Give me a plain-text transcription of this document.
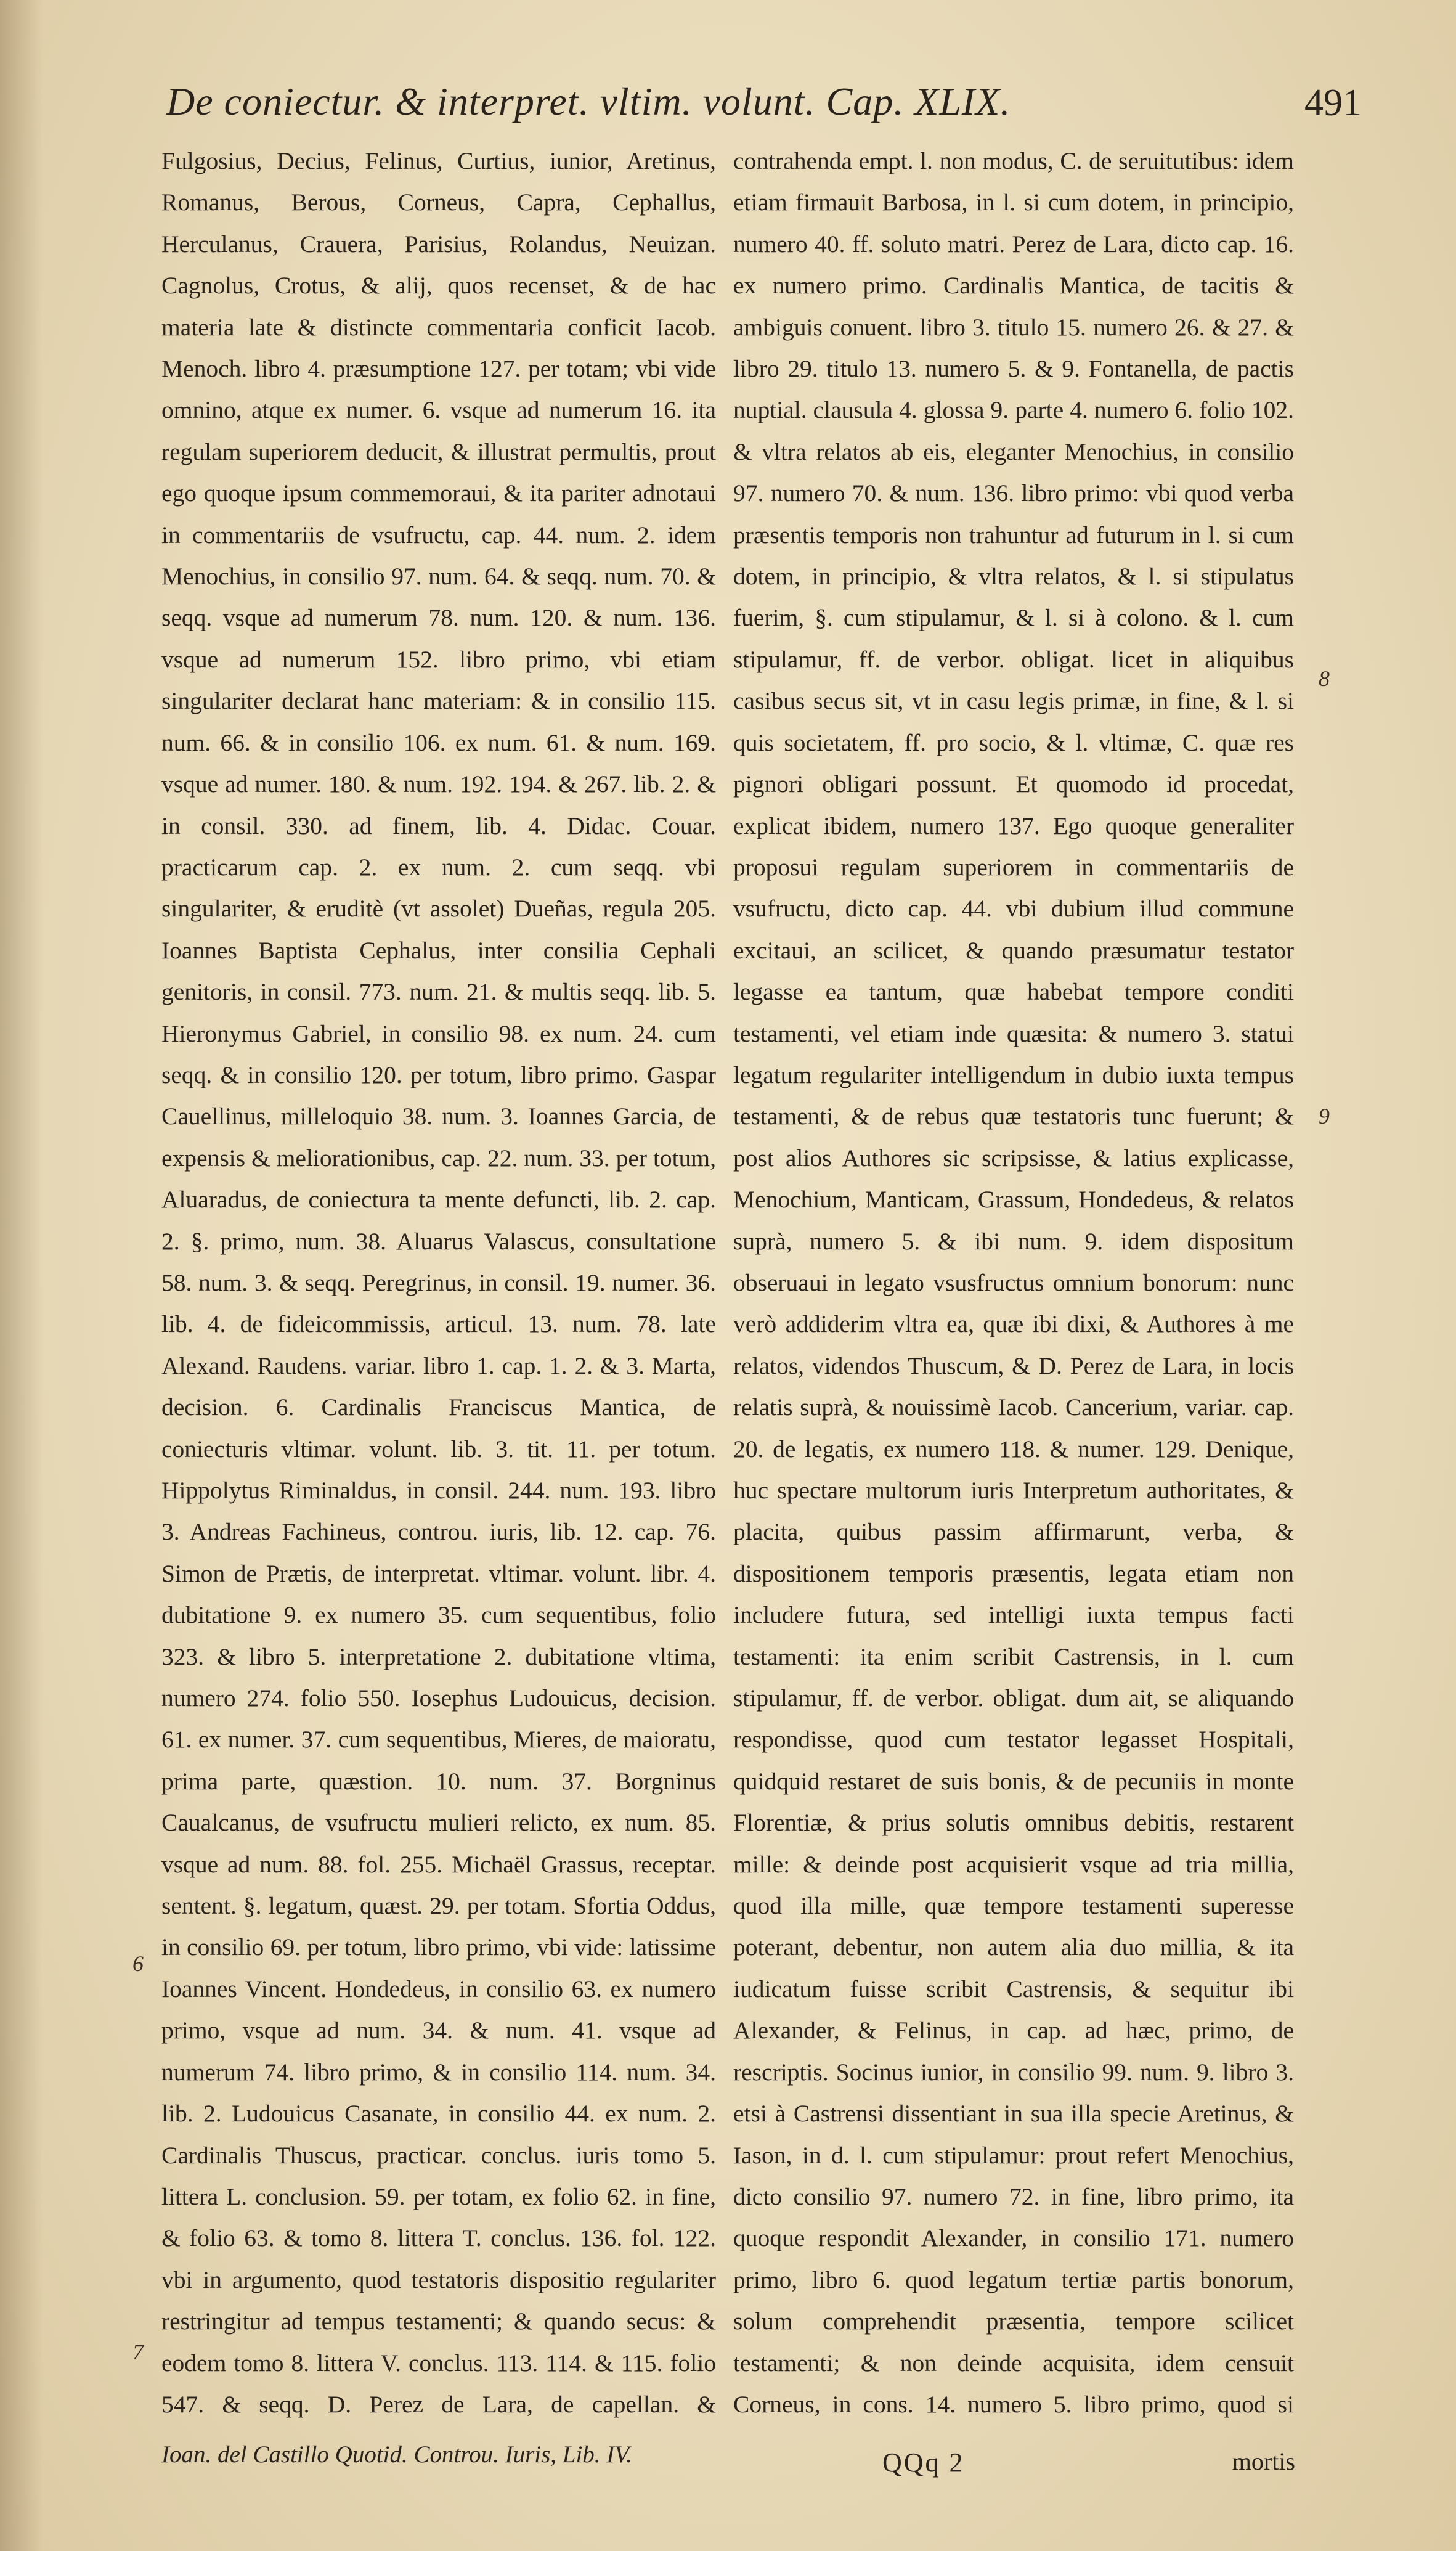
De coniectur. & interpret. vltim. volunt. Cap. XLIX.	491

Fulgosius, Decius, Felinus, Curtius, iunior, Aretinus, Romanus, Berous, Corneus, Capra, Cephallus, Herculanus, Crauera, Parisius, Rolandus, Neuizan. Cagnolus, Crotus, & alij, quos recenset, & de hac materia late & distincte commentaria conficit Iacob. Menoch. libro 4. præsumptione 127. per totam; vbi vide omnino, atque ex numer. 6. vsque ad numerum 16. ita regulam superiorem deducit, & illustrat permultis, prout ego quoque ipsum commemoraui, & ita pariter adnotaui in commentariis de vsufructu, cap. 44. num. 2. idem Menochius, in consilio 97. num. 64. & seqq. num. 70. & seqq. vsque ad numerum 78. num. 120. & num. 136. vsque ad numerum 152. libro primo, vbi etiam singulariter declarat hanc materiam: & in consilio 115. num. 66. & in consilio 106. ex num. 61. & num. 169. vsque ad numer. 180. & num. 192. 194. & 267. lib. 2. & in consil. 330. ad finem, lib. 4. Didac. Couar. practicarum cap. 2. ex num. 2. cum seqq. vbi singulariter, & eruditè (vt assolet) Dueñas, regula 205. Ioannes Baptista Cephalus, inter consilia Cephali genitoris, in consil. 773. num. 21. & multis seqq. lib. 5. Hieronymus Gabriel, in consilio 98. ex num. 24. cum seqq. & in consilio 120. per totum, libro primo. Gaspar Cauellinus, milleloquio 38. num. 3. Ioannes Garcia, de expensis & meliorationibus, cap. 22. num. 33. per totum, Aluaradus, de coniectura ta mente defuncti, lib. 2. cap. 2. §. primo, num. 38. Aluarus Valascus, consultatione 58. num. 3. & seqq. Peregrinus, in consil. 19. numer. 36. lib. 4. de fideicommissis, articul. 13. num. 78. late Alexand. Raudens. variar. libro 1. cap. 1. 2. & 3. Marta, decision. 6. Cardinalis Franciscus Mantica, de coniecturis vltimar. volunt. lib. 3. tit. 11. per totum. Hippolytus Riminaldus, in consil. 244. num. 193. libro 3. Andreas Fachineus, controu. iuris, lib. 12. cap. 76. Simon de Prætis, de interpretat. vltimar. volunt. libr. 4. dubitatione 9. ex numero 35. cum sequentibus, folio 323. & libro 5. interpretatione 2. dubitatione vltima, numero 274. folio 550. Iosephus Ludouicus, decision. 61. ex numer. 37. cum sequentibus, Mieres, de maioratu, prima parte, quæstion. 10. num. 37. Borgninus Caualcanus, de vsufructu mulieri relicto, ex num. 85. vsque ad num. 88. fol. 255. Michaël Grassus, receptar. sentent. §. legatum, quæst. 29. per totam. Sfortia Oddus, in consilio 69. per totum, libro primo, vbi vide: latissime Ioannes Vincent. Hondedeus, in consilio 63. ex numero primo, vsque ad num. 34. & num. 41. vsque ad numerum 74. libro primo, & in consilio 114. num. 34. lib. 2. Ludouicus Casanate, in consilio 44. ex num. 2. Cardinalis Thuscus, practicar. conclus. iuris tomo 5. littera L. conclusion. 59. per totam, ex folio 62. in fine, & folio 63. & tomo 8. littera T. conclus. 136. fol. 122. vbi in argumento, quod testatoris dispositio regulariter restringitur ad tempus testamenti; & quando secus: & eodem tomo 8. littera V. conclus. 113. 114. & 115. folio 547. & seqq. D. Perez de Lara, de capellan. &

contrahenda empt. l. non modus, C. de seruitutibus: idem etiam firmauit Barbosa, in l. si cum dotem, in principio, numero 40. ff. soluto matri. Perez de Lara, dicto cap. 16. ex numero primo. Cardinalis Mantica, de tacitis & ambiguis conuent. libro 3. titulo 15. numero 26. & 27. & libro 29. titulo 13. numero 5. & 9. Fontanella, de pactis nuptial. clausula 4. glossa 9. parte 4. numero 6. folio 102. & vltra relatos ab eis, eleganter Menochius, in consilio 97. numero 70. & num. 136. libro primo: vbi quod verba præsentis temporis non trahuntur ad futurum in l. si cum dotem, in principio, & vltra relatos, & l. si stipulatus fuerim, §. cum stipulamur, & l. si à colono. & l. cum stipulamur, ff. de verbor. obligat. licet in aliquibus casibus secus sit, vt in casu legis primæ, in fine, & l. si quis societatem, ff. pro socio, & l. vltimæ, C. quæ res pignori obligari possunt. Et quomodo id procedat, explicat ibidem, numero 137. Ego quoque generaliter proposui regulam superiorem in commentariis de vsufructu, dicto cap. 44. vbi dubium illud commune excitaui, an scilicet, & quando præsumatur testator legasse ea tantum, quæ habebat tempore conditi testamenti, vel etiam inde quæsita: & numero 3. statui legatum regulariter intelligendum in dubio iuxta tempus testamenti, & de rebus quæ testatoris tunc fuerunt; & post alios Authores sic scripsisse, & latius explicasse, Menochium, Manticam, Grassum, Hondedeus, & relatos suprà, numero 5. & ibi num. 9. idem dispositum obseruaui in legato vsusfructus omnium bonorum: nunc verò addiderim vltra ea, quæ ibi dixi, & Authores à me relatos, videndos Thuscum, & D. Perez de Lara, in locis relatis suprà, & nouissimè Iacob. Cancerium, variar. cap. 20. de legatis, ex numero 118. & numer. 129. Denique, huc spectare multorum iuris Interpretum authoritates, & placita, quibus passim affirmarunt, verba, & dispositionem temporis præsentis, legata etiam non includere futura, sed intelligi iuxta tempus facti testamenti: ita enim scribit Castrensis, in l. cum stipulamur, ff. de verbor. obligat. dum ait, se aliquando respondisse, quod cum testator legasset Hospitali, quidquid restaret de suis bonis, & de pecuniis in monte Florentiæ, & prius solutis omnibus debitis, restarent mille: & deinde post acquisierit vsque ad tria millia, quod illa mille, quæ tempore testamenti superesse poterant, debentur, non autem alia duo millia, & ita iudicatum fuisse scribit Castrensis, & sequitur ibi Alexander, & Felinus, in cap. ad hæc, primo, de rescriptis. Socinus iunior, in consilio 99. num. 9. libro 3. etsi à Castrensi dissentiant in sua illa specie Aretinus, & Iason, in d. l. cum stipulamur: prout refert Menochius, dicto consilio 97. numero 72. in fine, libro primo, ita quoque respondit Alexander, in consilio 171. numero primo, libro 6. quod legatum tertiæ partis bonorum, solum comprehendit præsentia, tempore scilicet testamenti; & non deinde acquisita, idem censuit Corneus, in cons. 14. numero 5. libro primo, quod si

8
9
6
7
Ioan. del Castillo Quotid. Controu. Iuris, Lib. IV.	QQq 2	mortis
